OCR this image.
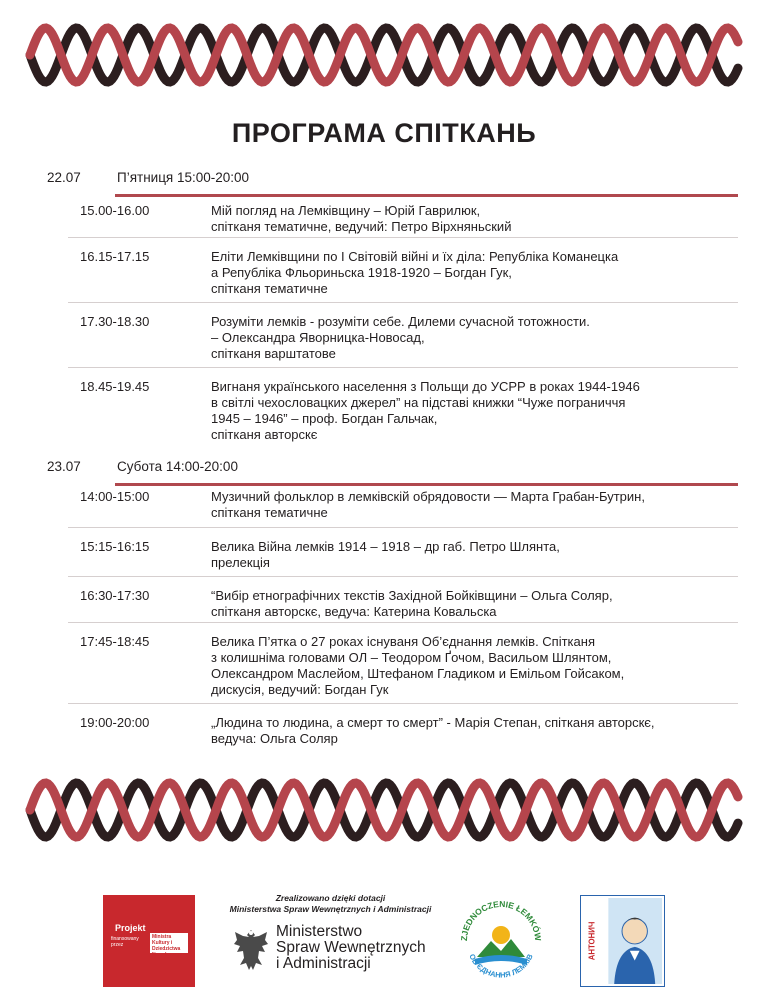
ПРОГРАМА СПІТКАНЬ
22.07	П’ятниця 15:00-20:00
15.00-16.00	Мій погляд на Лемківщину – Юрій Гаврилюк,
спітканя тематичне, ведучий: Петро Вірхняньский
16.15-17.15	Еліти Лемківщини по І Світовій війні и їх діла: Републіка Команецка
а Републіка Фльориньска 1918-1920 – Богдан Гук,
спітканя тематичне
17.30-18.30	Розуміти лемків - розуміти себе. Дилеми сучасной тотожности.
– Олександра Яворницка-Новосад,
спітканя варштатове
18.45-19.45	Вигнаня українського населення з Польщи до УСРР в роках 1944-1946
в світлі чехословацких джерел” на підставі книжки “Чуже пограниччя
1945 – 1946” – проф. Богдан Гальчак,
спітканя авторскє
23.07	Субота 14:00-20:00
14:00-15:00	Музичний фольклор в лемківскій обрядовости — Марта Грабан-Бутрин,
спітканя тематичне
15:15-16:15	Велика Війна лемків 1914 – 1918 – др габ. Петро Шлянта,
прелекція
16:30-17:30	“Вибір етнографічних текстів Західной Бойківщини – Ольга Соляр,
спітканя авторскє, ведуча: Катерина Ковальска
17:45-18:45	Велика П’ятка о 27 роках існуваня Об’єднання лемків. Спітканя
з колишніма головами ОЛ – Теодором Ґочом, Васильом Шлянтом,
Олександром Маслейом, Штефаном Гладиком и Емільом Гойсаком,
дискусія, ведучий: Богдан Гук
19:00-20:00	„Людина то людина, а смерт то смерт” - Марія Степан, спітканя авторскє,
ведуча: Ольга Соляр
Projekt
finansowany przez
Ministra Kultury i Dziedzictwa Narodowego
Zrealizowano dzięki dotacji
Ministerstwa Spraw Wewnętrznych i Administracji
Ministerstwo
Spraw Wewnętrznych
i Administracji
ZJEDNOCZENIE ŁEMKÓW
ОБ’ЄДНАННЯ ЛЕМКІВ	АНТОНИЧ
